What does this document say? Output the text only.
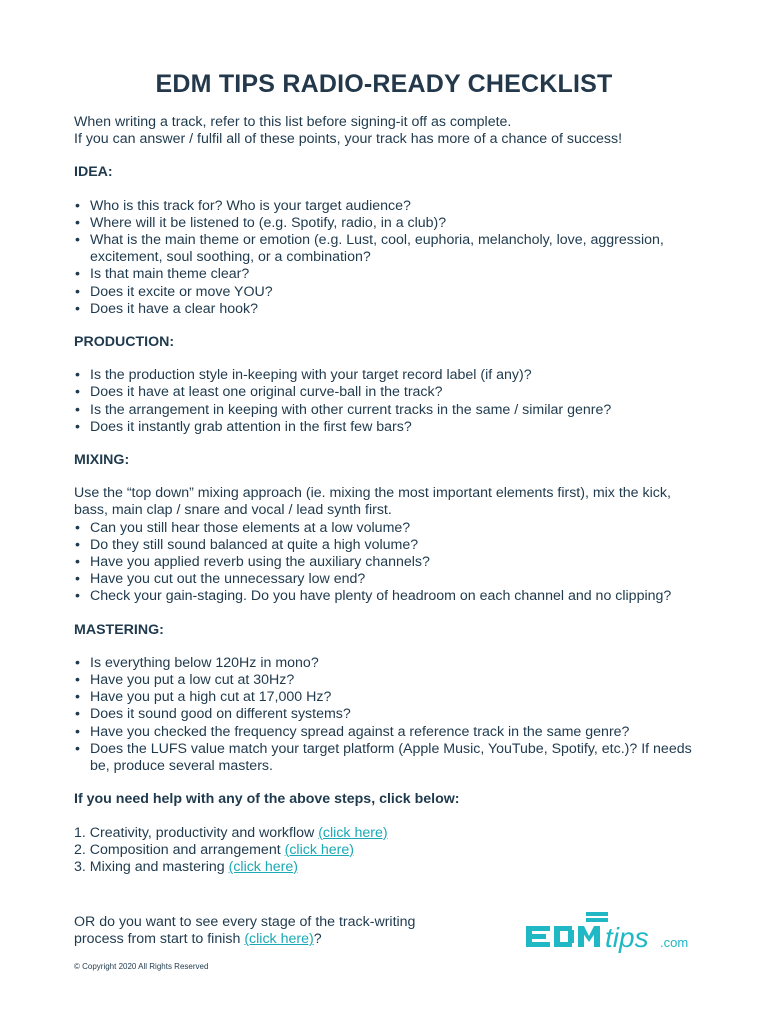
EDM TIPS RADIO-READY CHECKLIST

When writing a track, refer to this list before signing-it off as complete.

If you can answer / fulfil all of these points, your track has more of a chance of success!

IDEA:

• Who is this track for? Who is your target audience?
• Where will it be listened to (e.g. Spotify, radio, in a club)?
• What is the main theme or emotion (e.g. Lust, cool, euphoria, melancholy, love, aggression, excitement, soul soothing, or a combination?
• Is that main theme clear?
• Does it excite or move YOU?
• Does it have a clear hook?

PRODUCTION:

• Is the production style in-keeping with your target record label (if any)?
• Does it have at least one original curve-ball in the track?
• Is the arrangement in keeping with other current tracks in the same / similar genre?
• Does it instantly grab attention in the first few bars?

MIXING:

Use the “top down” mixing approach (ie. mixing the most important elements first), mix the kick, bass, main clap / snare and vocal / lead synth first.

• Can you still hear those elements at a low volume?
• Do they still sound balanced at quite a high volume?
• Have you applied reverb using the auxiliary channels?
• Have you cut out the unnecessary low end?
• Check your gain-staging. Do you have plenty of headroom on each channel and no clipping?

MASTERING:

• Is everything below 120Hz in mono?
• Have you put a low cut at 30Hz?
• Have you put a high cut at 17,000 Hz?
• Does it sound good on different systems?
• Have you checked the frequency spread against a reference track in the same genre?
• Does the LUFS value match your target platform (Apple Music, YouTube, Spotify, etc.)? If needs be, produce several masters.

If you need help with any of the above steps, click below:

1. Creativity, productivity and workflow (click here)
2. Composition and arrangement (click here)
3. Mixing and mastering (click here)
OR do you want to see every stage of the track-writing
process from start to finish (click here)?
© Copyright 2020 All Rights Reserved
tips .com
